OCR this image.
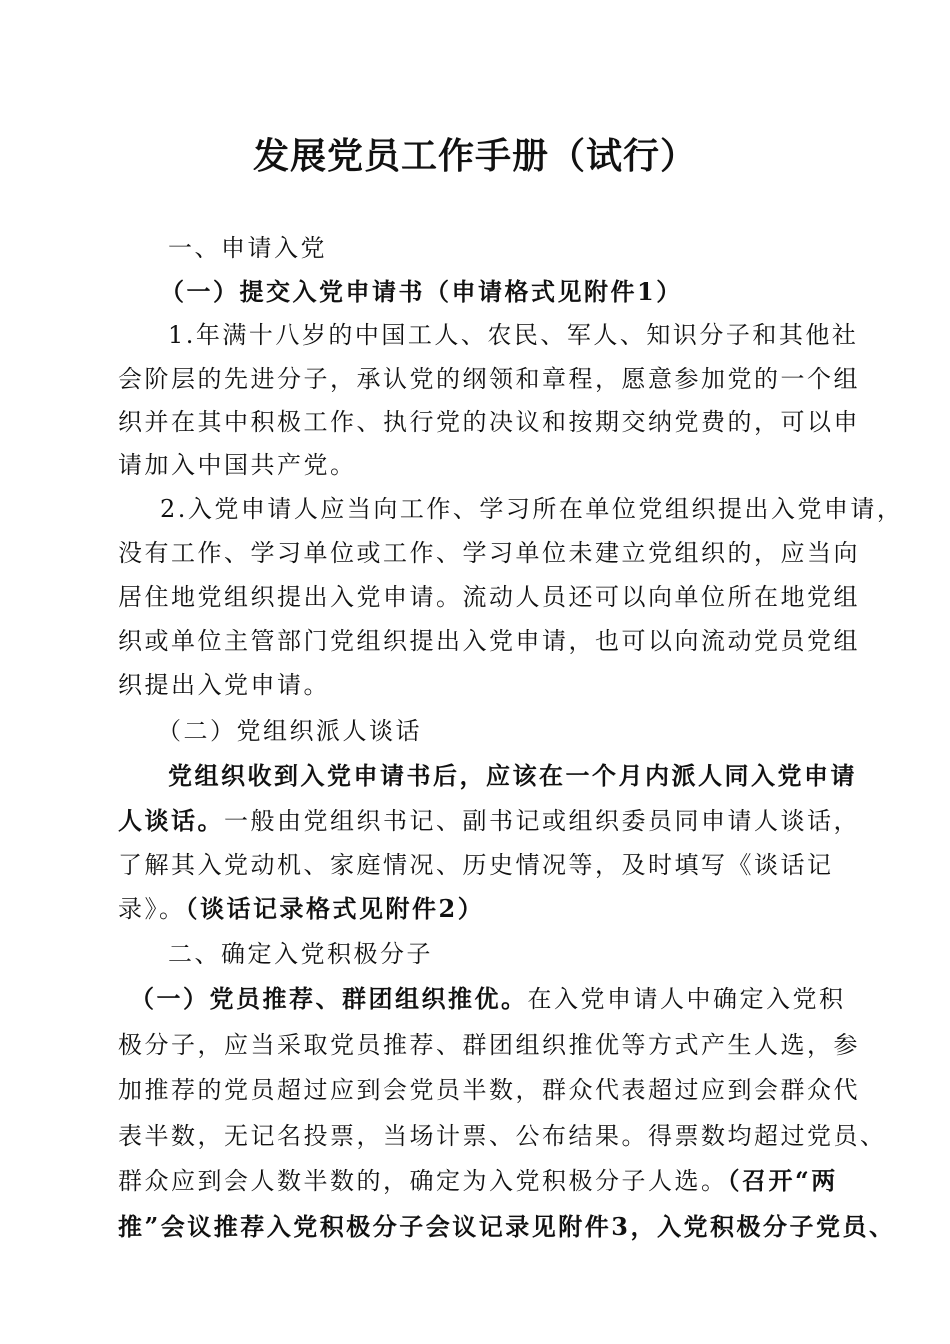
发展党员工作手册（试行）
一、申请入党
（一）提交入党申请书（申请格式见附件1）
1.年满十八岁的中国工人、农民、军人、知识分子和其他社
会阶层的先进分子，承认党的纲领和章程，愿意参加党的一个组
织并在其中积极工作、执行党的决议和按期交纳党费的，可以申
请加入中国共产党。
2.入党申请人应当向工作、学习所在单位党组织提出入党申请，
没有工作、学习单位或工作、学习单位未建立党组织的，应当向
居住地党组织提出入党申请。流动人员还可以向单位所在地党组
织或单位主管部门党组织提出入党申请，也可以向流动党员党组
织提出入党申请。
（二）党组织派人谈话
党组织收到入党申请书后，应该在一个月内派人同入党申请
人谈话。一般由党组织书记、副书记或组织委员同申请人谈话，
了解其入党动机、家庭情况、历史情况等，及时填写《谈话记
录》。（谈话记录格式见附件2）
二、确定入党积极分子
（一）党员推荐、群团组织推优。在入党申请人中确定入党积
极分子，应当采取党员推荐、群团组织推优等方式产生人选，参
加推荐的党员超过应到会党员半数，群众代表超过应到会群众代
表半数，无记名投票，当场计票、公布结果。得票数均超过党员、
群众应到会人数半数的，确定为入党积极分子人选。（召开“两
推”会议推荐入党积极分子会议记录见附件3，入党积极分子党员、
